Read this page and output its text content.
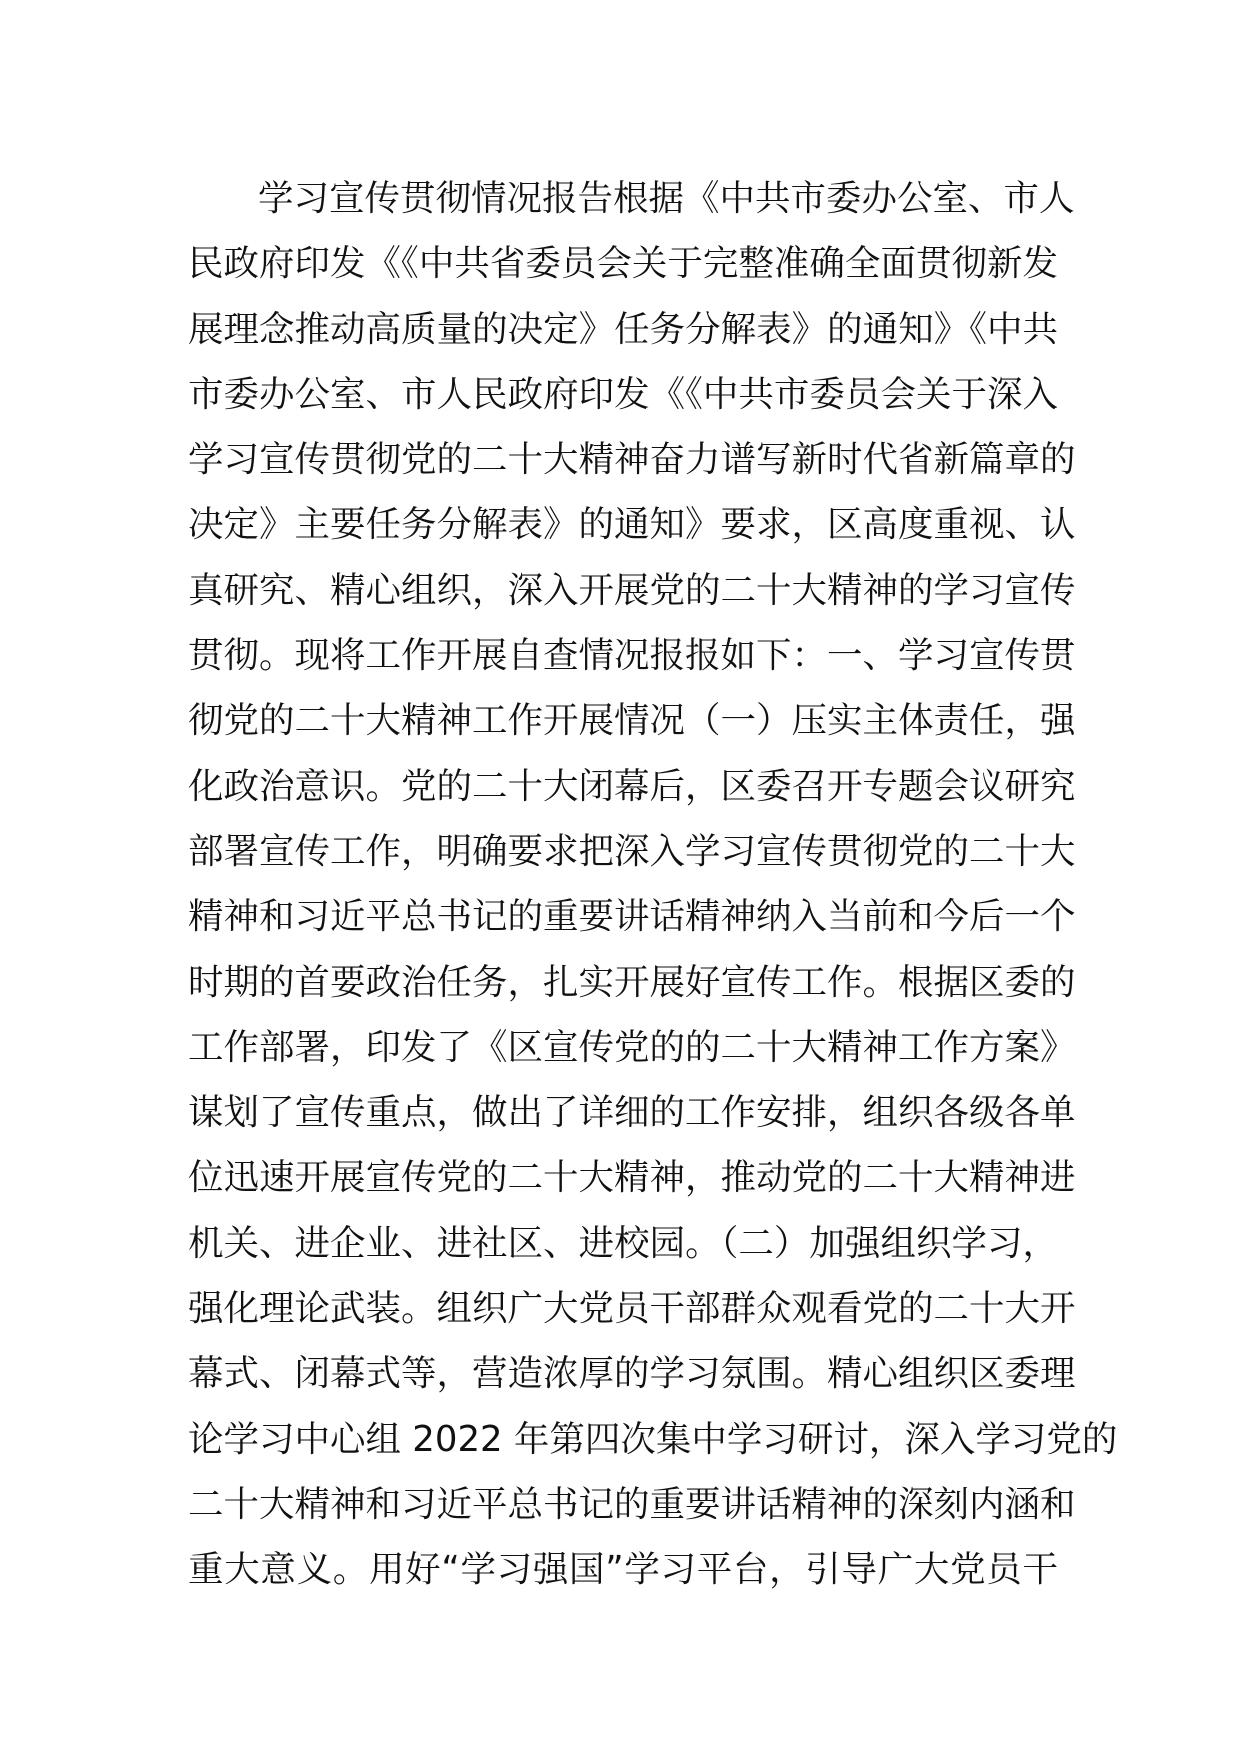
学习宣传贯彻情况报告根据《中共市委办公室、市人
民政府印发《《中共省委员会关于完整准确全面贯彻新发
展理念推动高质量的决定》任务分解表》的通知》《中共
市委办公室、市人民政府印发《《中共市委员会关于深入
学习宣传贯彻党的二十大精神奋力谱写新时代省新篇章的
决定》主要任务分解表》的通知》要求，区高度重视、认
真研究、精心组织，深入开展党的二十大精神的学习宣传
贯彻。现将工作开展自查情况报报如下：一、学习宣传贯
彻党的二十大精神工作开展情况（一）压实主体责任，强
化政治意识。党的二十大闭幕后，区委召开专题会议研究
部署宣传工作，明确要求把深入学习宣传贯彻党的二十大
精神和习近平总书记的重要讲话精神纳入当前和今后一个
时期的首要政治任务，扎实开展好宣传工作。根据区委的
工作部署，印发了《区宣传党的的二十大精神工作方案》
谋划了宣传重点，做出了详细的工作安排，组织各级各单
位迅速开展宣传党的二十大精神，推动党的二十大精神进
机关、进企业、进社区、进校园。（二）加强组织学习，
强化理论武装。组织广大党员干部群众观看党的二十大开
幕式、闭幕式等，营造浓厚的学习氛围。精心组织区委理
论学习中心组 2022 年第四次集中学习研讨，深入学习党的
二十大精神和习近平总书记的重要讲话精神的深刻内涵和
重大意义。用好“学习强国”学习平台，引导广大党员干
